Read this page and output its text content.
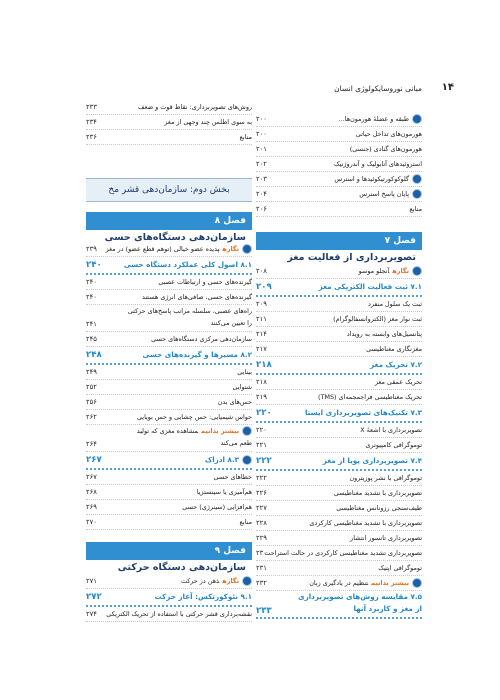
۱۴
مبانی نوروسایکولوژی انسان
طبقه و عضلهٔ هورمون‌ها...
۲۰۰
هورمون‌های تداخل حیاتی
۲۰۰
هورمون‌های گنادی (جنسی)
۲۰۱
استروئیدهای آنابولیک و آندروژنیک
۲۰۲
گلوکوکورتیکوئیدها و استرس
۲۰۳
پایان پاسخ استرس
۲۰۴
منابع
۲۰۶
فصل ۷
تصویربرداری از فعالیت مغز
نگارهآنجلو موسو
۲۰۸
۷.۱ ثبت فعالیت الکتریکی مغز
۲۰۹
ثبت یک سلول منفرد
۲۰۹
ثبت نوار مغز (الکتروانسفالوگرام)
۲۱۱
پتانسیل‌های وابسته به رویداد
۲۱۴
مغزنگاری مغناطیسی
۲۱۷
۷.۲ تحریک مغز
۲۱۸
تحریک عمقی مغز
۲۱۸
تحریک مغناطیسی فراجمجمه‌ای (TMS)
۲۱۹
۷.۳ تکنیک‌های تصویربرداری ایستا
۲۲۰
تصویربرداری با اشعهٔ X
۲۲۰
توموگرافی کامپیوتری
۲۲۱
۷.۴ تصویربرداری پویا از مغز
۲۲۲
توموگرافی با نشر پوزیترون
۲۲۲
تصویربرداری با تشدید مغناطیسی
۲۲۶
طیف‌سنجی رزونانس مغناطیسی
۲۲۷
تصویربرداری با تشدید مغناطیسی کارکردی
۲۲۸
تصویربرداری تانسور انتشار
۲۲۹
تصویربرداری تشدید مغناطیسی کارکردی در حالت استراحت
۲۳۰
توموگرافی اپتیک
۲۳۱
بیشتر بدانیمتنظیم در یادگیری زبان
۲۳۲
۷.۵ مقایسه روش‌های تصویربرداری از مغز و کاربرد آنها
۲۳۳
روش‌های تصویربرداری: نقاط قوت و ضعف
۲۳۳
به سوی اطلس چند وجهی از مغز
۲۳۴
منابع
۲۳۶
بخش دوم: سازمان‌دهی قشر مخ
فصل ۸
سازمان‌دهی دستگاه‌های حسی
نگارهپدیده عضو خیالی (توهم قطع عضو) در مغز
۲۳۹
۸.۱ اصول کلی عملکرد دستگاه حسی
۲۴۰
گیرنده‌های حسی و ارتباطات عصبی
۲۴۰
گیرنده‌های حسی، صافی‌های انرژی هستند
۲۴۰
راه‌های عصبی، سلسله مراتب پاسخ‌های حرکتی را تعیین می‌کنند
۲۴۱
سازمان‌دهی مرکزی دستگاه‌های حسی
۲۴۵
۸.۲ مسیرها و گیرنده‌های حسی
۲۴۸
بینایی
۲۴۹
شنوایی
۲۵۲
حس‌های بدن
۲۵۶
حواس شیمیایی: حس چشایی و حس بویایی
۲۶۲
بیشتر بدانیممشاهده مغزی که تولید طعم می‌کند
۲۶۴
۸.۳ ادراک
۲۶۷
خطاهای حسی
۲۶۷
هم‌آمیزی یا سینستزیا
۲۶۸
هم‌افزایی (سینرژی) حسی
۲۶۹
منابع
۲۷۰
فصل ۹
سازمان‌دهی دستگاه حرکتی
نگارهذهن در حرکت
۲۷۱
۹.۱ نئوکورتکس: آغاز حرکت
۲۷۲
نقشه‌برداری قشر حرکتی با استفاده از تحریک الکتریکی
۲۷۴
